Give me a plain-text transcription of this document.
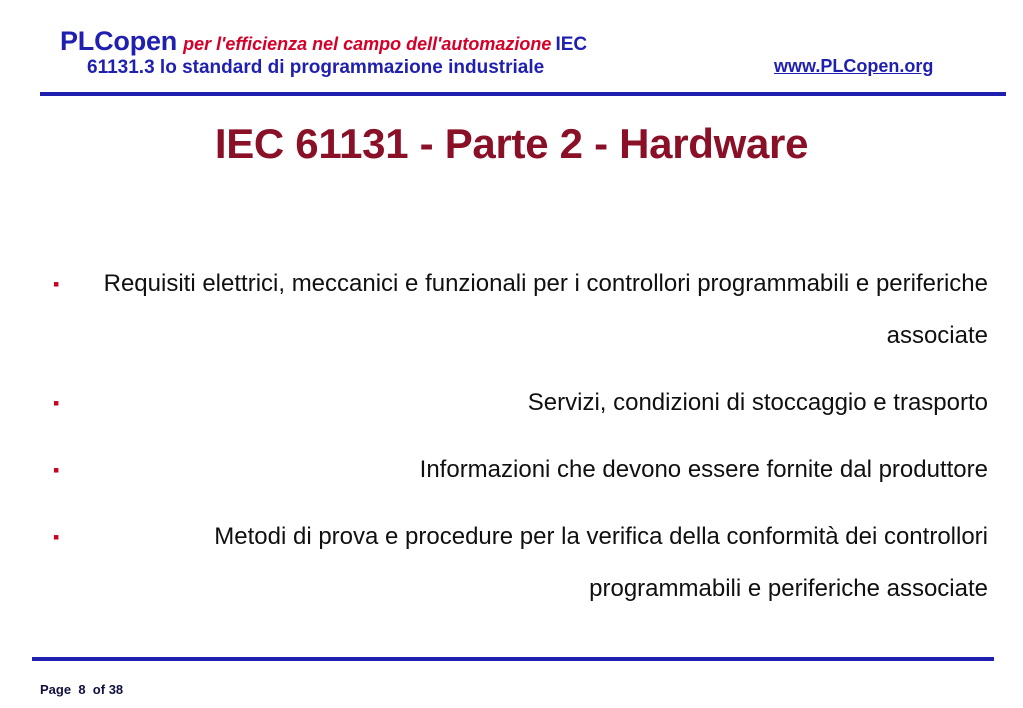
PLCopen per l'efficienza nel campo dell'automazione IEC
61131.3 lo standard di programmazione industriale	www.PLCopen.org
IEC 61131 - Parte 2 - Hardware
▪ Requisiti elettrici, meccanici e funzionali per i controllori programmabili e periferiche associate
▪	Servizi, condizioni di stoccaggio e trasporto
▪	Informazioni che devono essere fornite dal produttore
▪	Metodi di prova e procedure per la verifica della conformità dei controllori programmabili e periferiche associate
Page 8 of 38
